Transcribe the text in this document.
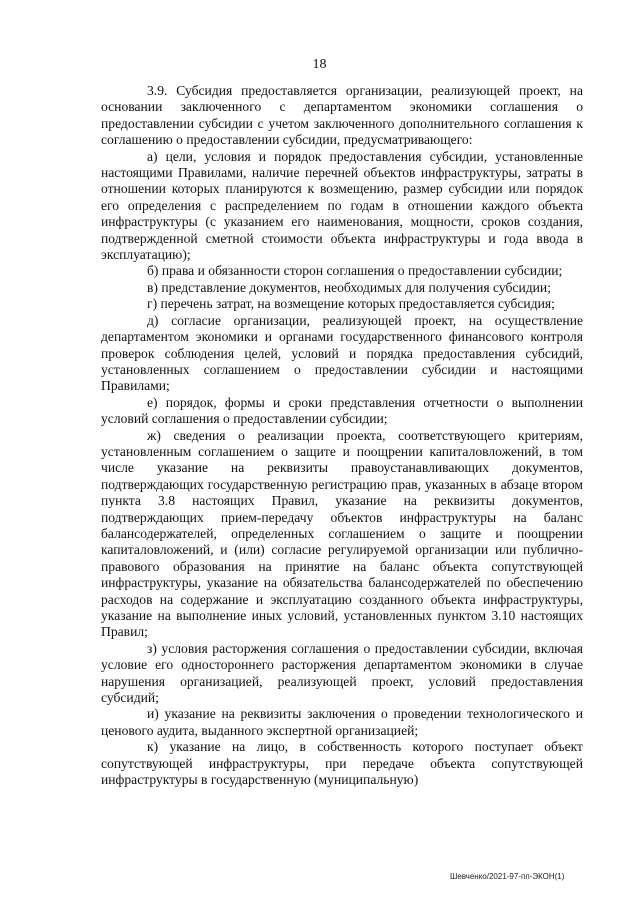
18

3.9. Субсидия предоставляется организации, реализующей проект, на основании заключенного с департаментом экономики соглашения о предоставлении субсидии с учетом заключенного дополнительного соглашения к соглашению о предоставлении субсидии, предусматривающего:

а) цели, условия и порядок предоставления субсидии, установленные настоящими Правилами, наличие перечней объектов инфраструктуры, затраты в отношении которых планируются к возмещению, размер субсидии или порядок его определения с распределением по годам в отношении каждого объекта инфраструктуры (с указанием его наименования, мощности, сроков создания, подтвержденной сметной стоимости объекта инфраструктуры и года ввода в эксплуатацию);

б) права и обязанности сторон соглашения о предоставлении субсидии;

в) представление документов, необходимых для получения субсидии;

г) перечень затрат, на возмещение которых предоставляется субсидия;

д) согласие организации, реализующей проект, на осуществление департаментом экономики и органами государственного финансового контроля проверок соблюдения целей, условий и порядка предоставления субсидий, установленных соглашением о предоставлении субсидии и настоящими Правилами;

е) порядок, формы и сроки представления отчетности о выполнении условий соглашения о предоставлении субсидии;

ж) сведения о реализации проекта, соответствующего критериям, установленным соглашением о защите и поощрении капиталовложений, в том числе указание на реквизиты правоустанавливающих документов, подтверждающих государственную регистрацию прав, указанных в абзаце втором пункта 3.8 настоящих Правил, указание на реквизиты документов, подтверждающих прием-передачу объектов инфраструктуры на баланс балансодержателей, определенных соглашением о защите и поощрении капиталовложений, и (или) согласие регулируемой организации или публично-правового образования на принятие на баланс объекта сопутствующей инфраструктуры, указание на обязательства балансодержателей по обеспечению расходов на содержание и эксплуатацию созданного объекта инфраструктуры, указание на выполнение иных условий, установленных пунктом 3.10 настоящих Правил;

з) условия расторжения соглашения о предоставлении субсидии, включая условие его одностороннего расторжения департаментом экономики в случае нарушения организацией, реализующей проект, условий предоставления субсидий;

и) указание на реквизиты заключения о проведении технологического и ценового аудита, выданного экспертной организацией;

к) указание на лицо, в собственность которого поступает объект сопутствующей инфраструктуры, при передаче объекта сопутствующей инфраструктуры в государственную (муниципальную)

Шевченко/2021-97-пп-ЭКОН(1)
